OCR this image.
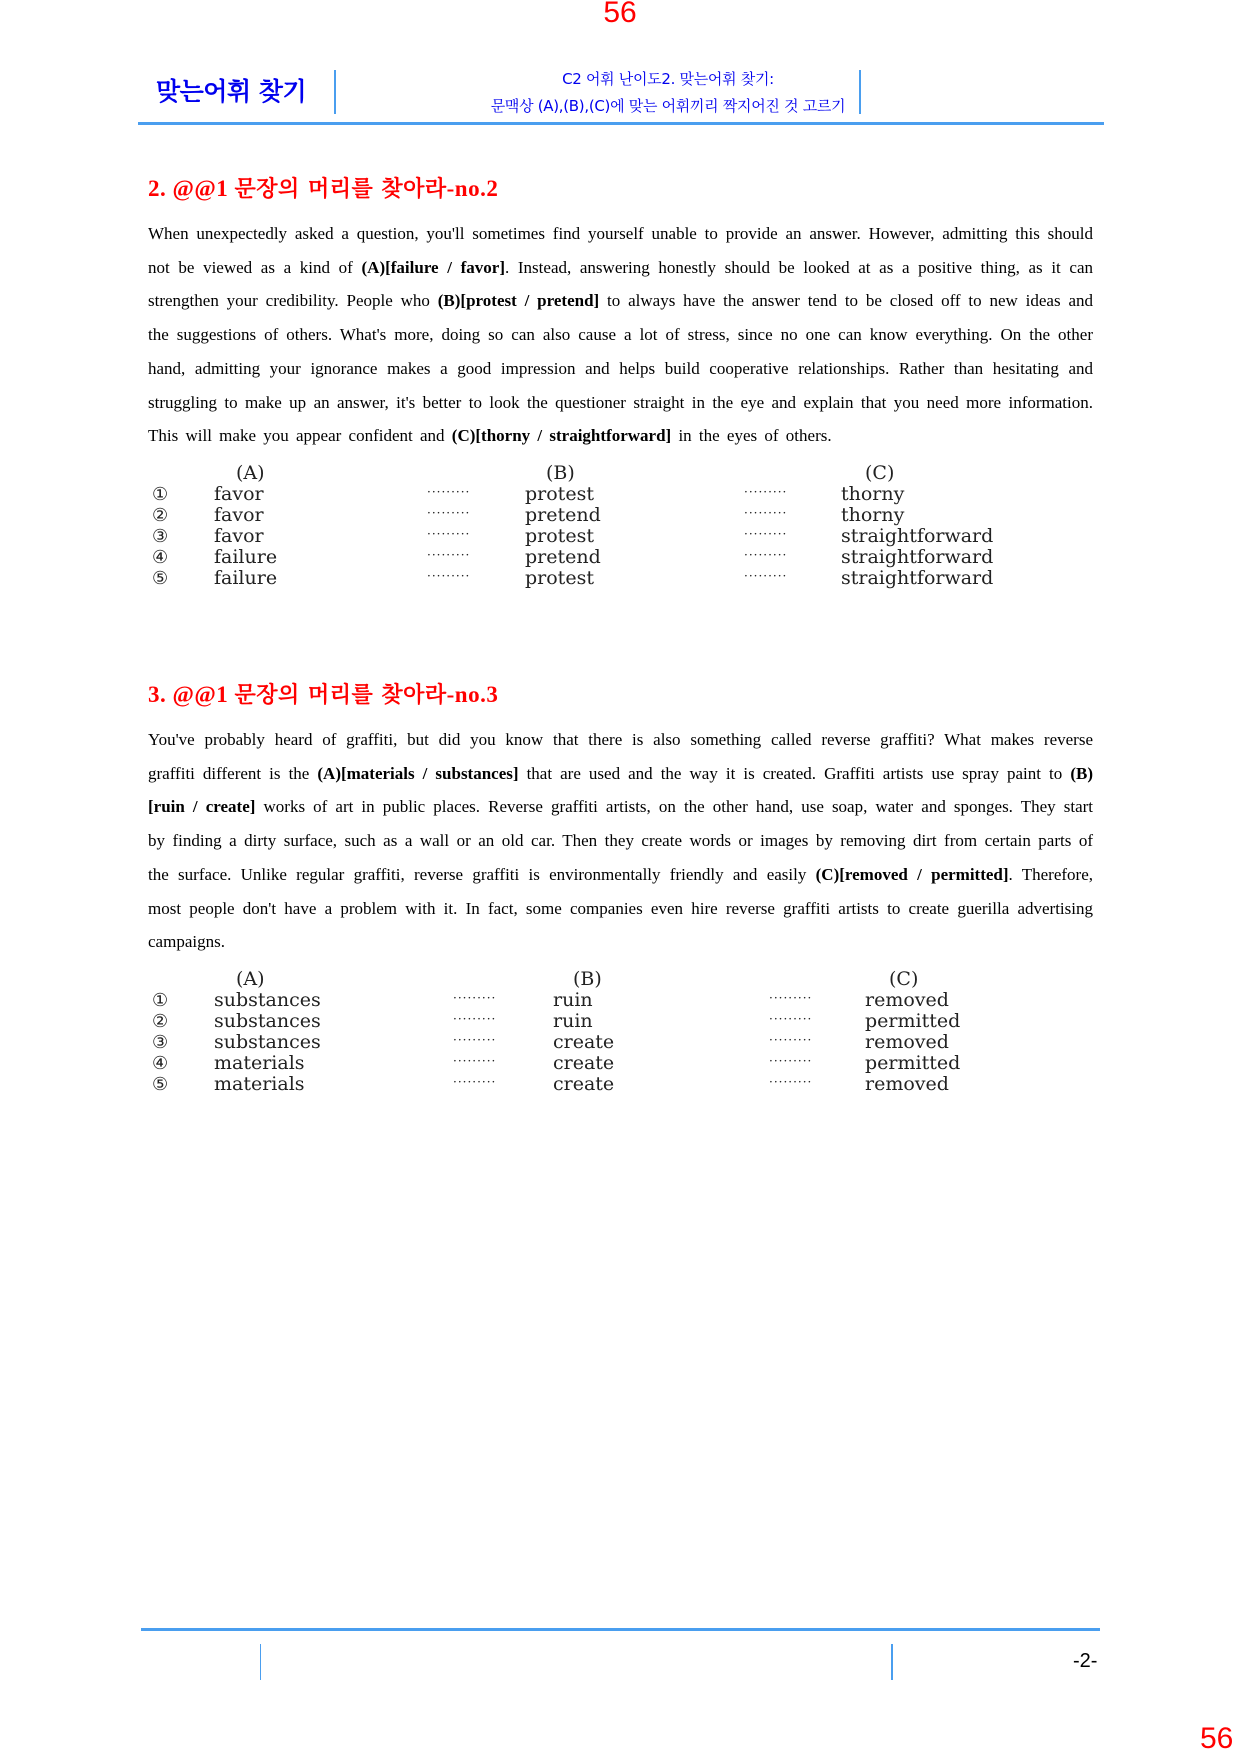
56
맞는어휘 찾기	C2 어휘 난이도2. 맞는어휘 찾기:
문맥상 (A),(B),(C)에 맞는 어휘끼리 짝지어진 것 고르기
2. @@1 문장의 머리를 찾아라-no.2
When unexpectedly asked a question, you'll sometimes find yourself unable to provide an answer. However, admitting this should not be viewed as a kind of (A)[failure / favor]. Instead, answering honestly should be looked at as a positive thing, as it can strengthen your credibility. People who (B)[protest / pretend] to always have the answer tend to be closed off to new ideas and the suggestions of others. What's more, doing so can also cause a lot of stress, since no one can know everything. On the other hand, admitting your ignorance makes a good impression and helps build cooperative relationships. Rather than hesitating and struggling to make up an answer, it's better to look the questioner straight in the eye and explain that you need more information. This will make you appear confident and (C)[thorny / straightforward] in the eyes of others.
(A)	(B)	(C)
① favor	·········	protest	·········	thorny
② favor	·········	pretend	·········	thorny
③ favor	·········	protest	·········	straightforward
④ failure	·········	pretend	·········	straightforward
⑤ failure	·········	protest	·········	straightforward
3. @@1 문장의 머리를 찾아라-no.3
You've probably heard of graffiti, but did you know that there is also something called reverse graffiti? What makes reverse graffiti different is the (A)[materials / substances] that are used and the way it is created. Graffiti artists use spray paint to (B)[ruin / create] works of art in public places. Reverse graffiti artists, on the other hand, use soap, water and sponges. They start by finding a dirty surface, such as a wall or an old car. Then they create words or images by removing dirt from certain parts of the surface. Unlike regular graffiti, reverse graffiti is environmentally friendly and easily (C)[removed / permitted]. Therefore, most people don't have a problem with it. In fact, some companies even hire reverse graffiti artists to create guerilla advertising campaigns.
(A)	(B)	(C)
① substances	·········	ruin	·········	removed
② substances	·········	ruin	·········	permitted
③ substances	·········	create	·········	removed
④ materials	·········	create	·········	permitted
⑤ materials	·········	create	·········	removed
-2-
56
